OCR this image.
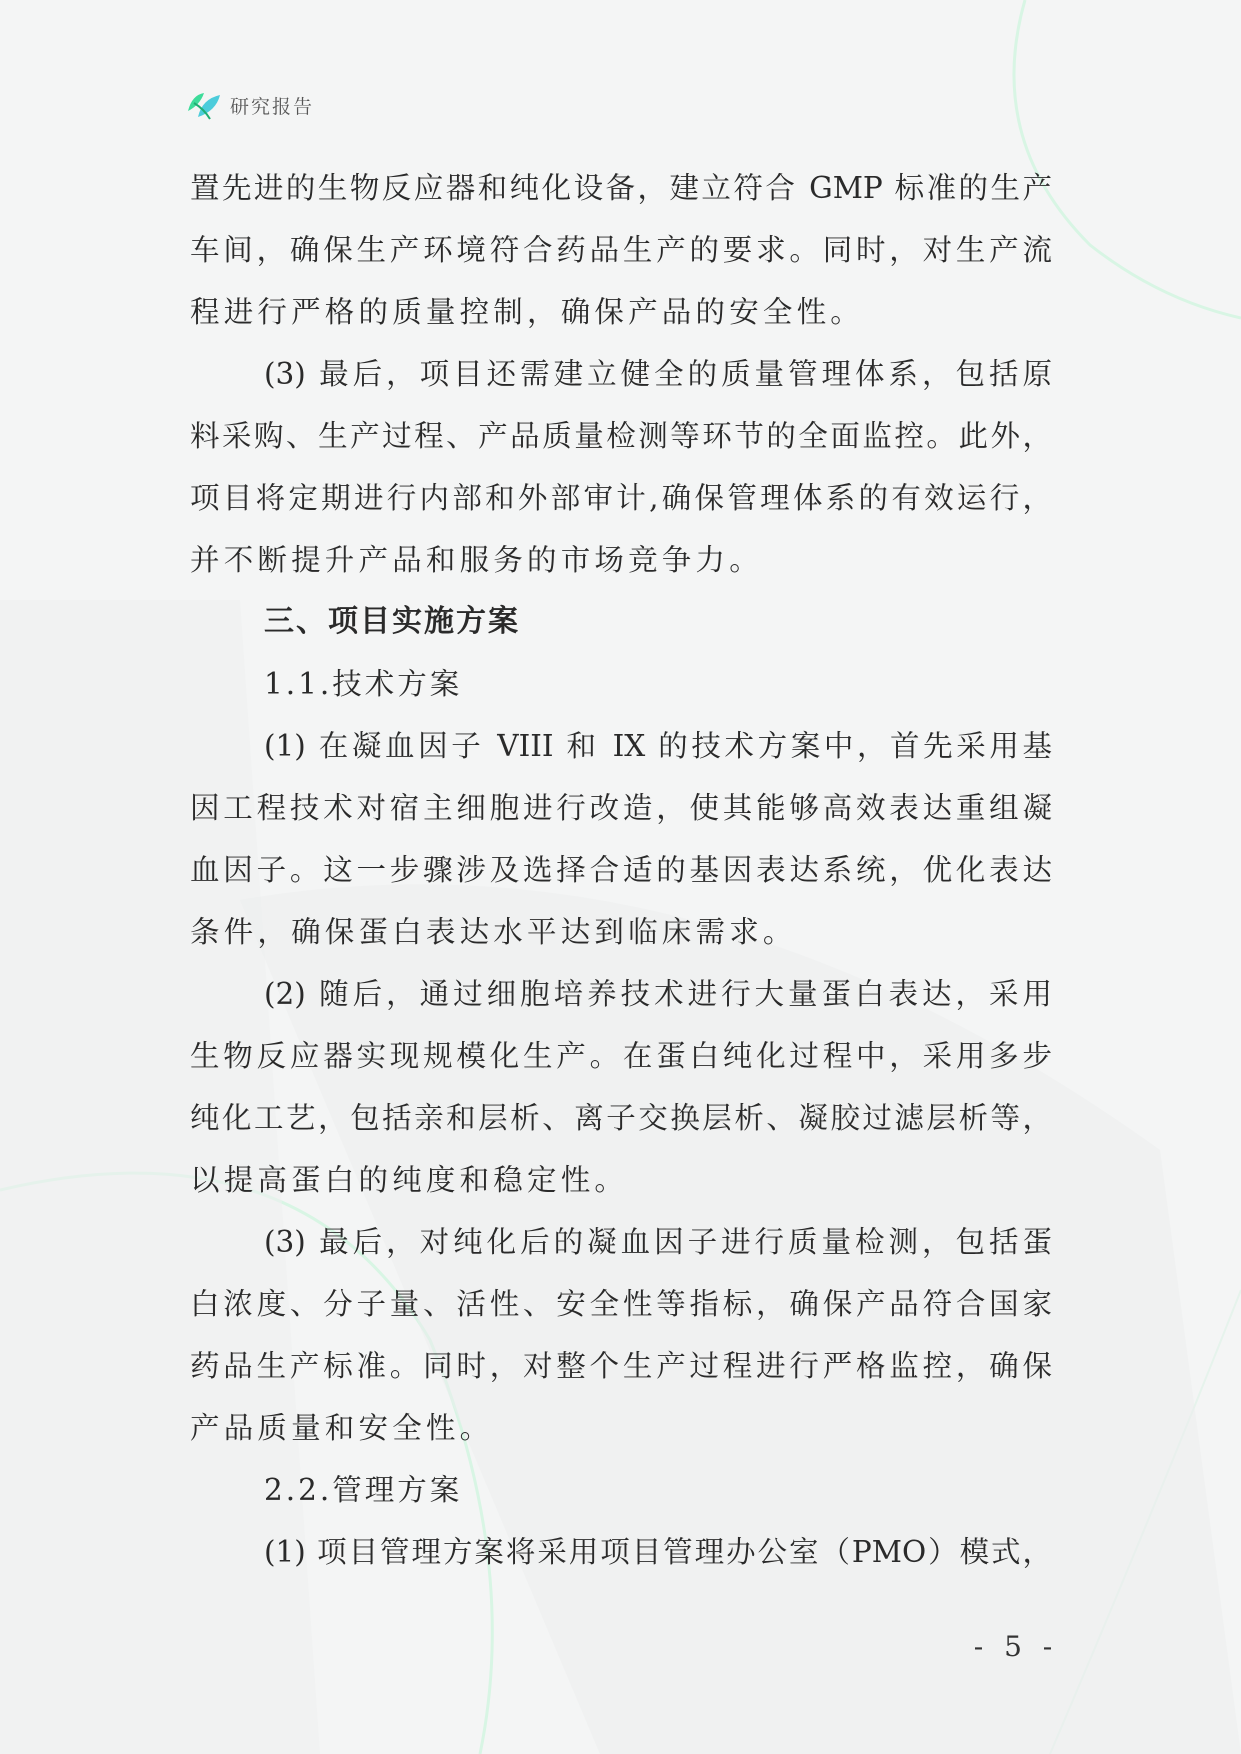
研究报告
置先进的生物反应器和纯化设备，建立符合 GMP 标准的生产
车间，确保生产环境符合药品生产的要求。同时，对生产流
程进行严格的质量控制，确保产品的安全性。
(3) 最后，项目还需建立健全的质量管理体系，包括原
料采购、生产过程、产品质量检测等环节的全面监控。此外，
项目将定期进行内部和外部审计,确保管理体系的有效运行，
并不断提升产品和服务的市场竞争力。
三、项目实施方案
1.1.技术方案
(1) 在凝血因子 VIII 和 IX 的技术方案中，首先采用基
因工程技术对宿主细胞进行改造，使其能够高效表达重组凝
血因子。这一步骤涉及选择合适的基因表达系统，优化表达
条件，确保蛋白表达水平达到临床需求。
(2) 随后，通过细胞培养技术进行大量蛋白表达，采用
生物反应器实现规模化生产。在蛋白纯化过程中，采用多步
纯化工艺，包括亲和层析、离子交换层析、凝胶过滤层析等，
以提高蛋白的纯度和稳定性。
(3) 最后，对纯化后的凝血因子进行质量检测，包括蛋
白浓度、分子量、活性、安全性等指标，确保产品符合国家
药品生产标准。同时，对整个生产过程进行严格监控，确保
产品质量和安全性。
2.2.管理方案
(1) 项目管理方案将采用项目管理办公室（PMO）模式，
- 5 -
